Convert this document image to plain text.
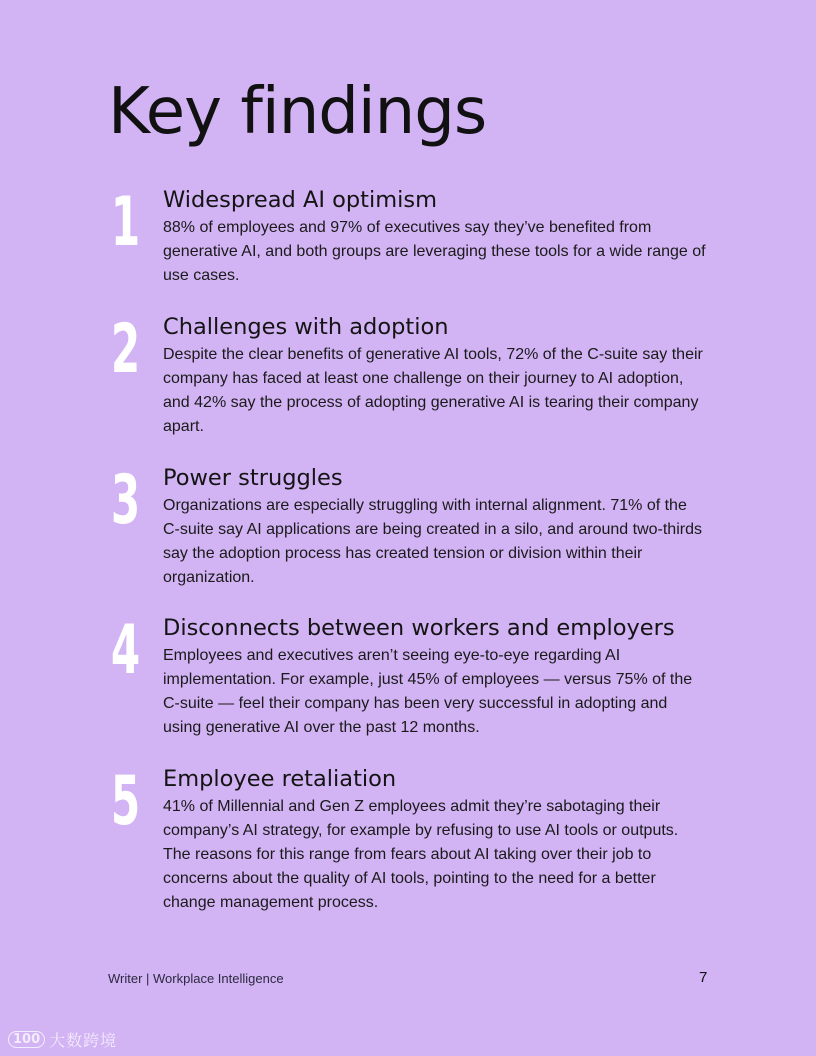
Key findings
1 Widespread AI optimism

88% of employees and 97% of executives say they’ve benefited from generative AI, and both groups are leveraging these tools for a wide range of use cases.

2 Challenges with adoption

Despite the clear benefits of generative AI tools, 72% of the C-suite say their company has faced at least one challenge on their journey to AI adoption, and 42% say the process of adopting generative AI is tearing their company apart.

3 Power struggles

Organizations are especially struggling with internal alignment. 71% of the C-suite say AI applications are being created in a silo, and around two-thirds say the adoption process has created tension or division within their organization.

4 Disconnects between workers and employers

Employees and executives aren’t seeing eye-to-eye regarding AI implementation. For example, just 45% of employees — versus 75% of the C-suite — feel their company has been very successful in adopting and using generative AI over the past 12 months.

5 Employee retaliation

41% of Millennial and Gen Z employees admit they’re sabotaging their company’s AI strategy, for example by refusing to use AI tools or outputs. The reasons for this range from fears about AI taking over their job to concerns about the quality of AI tools, pointing to the need for a better change management process.

Writer | Workplace Intelligence	7
100 大数跨境
